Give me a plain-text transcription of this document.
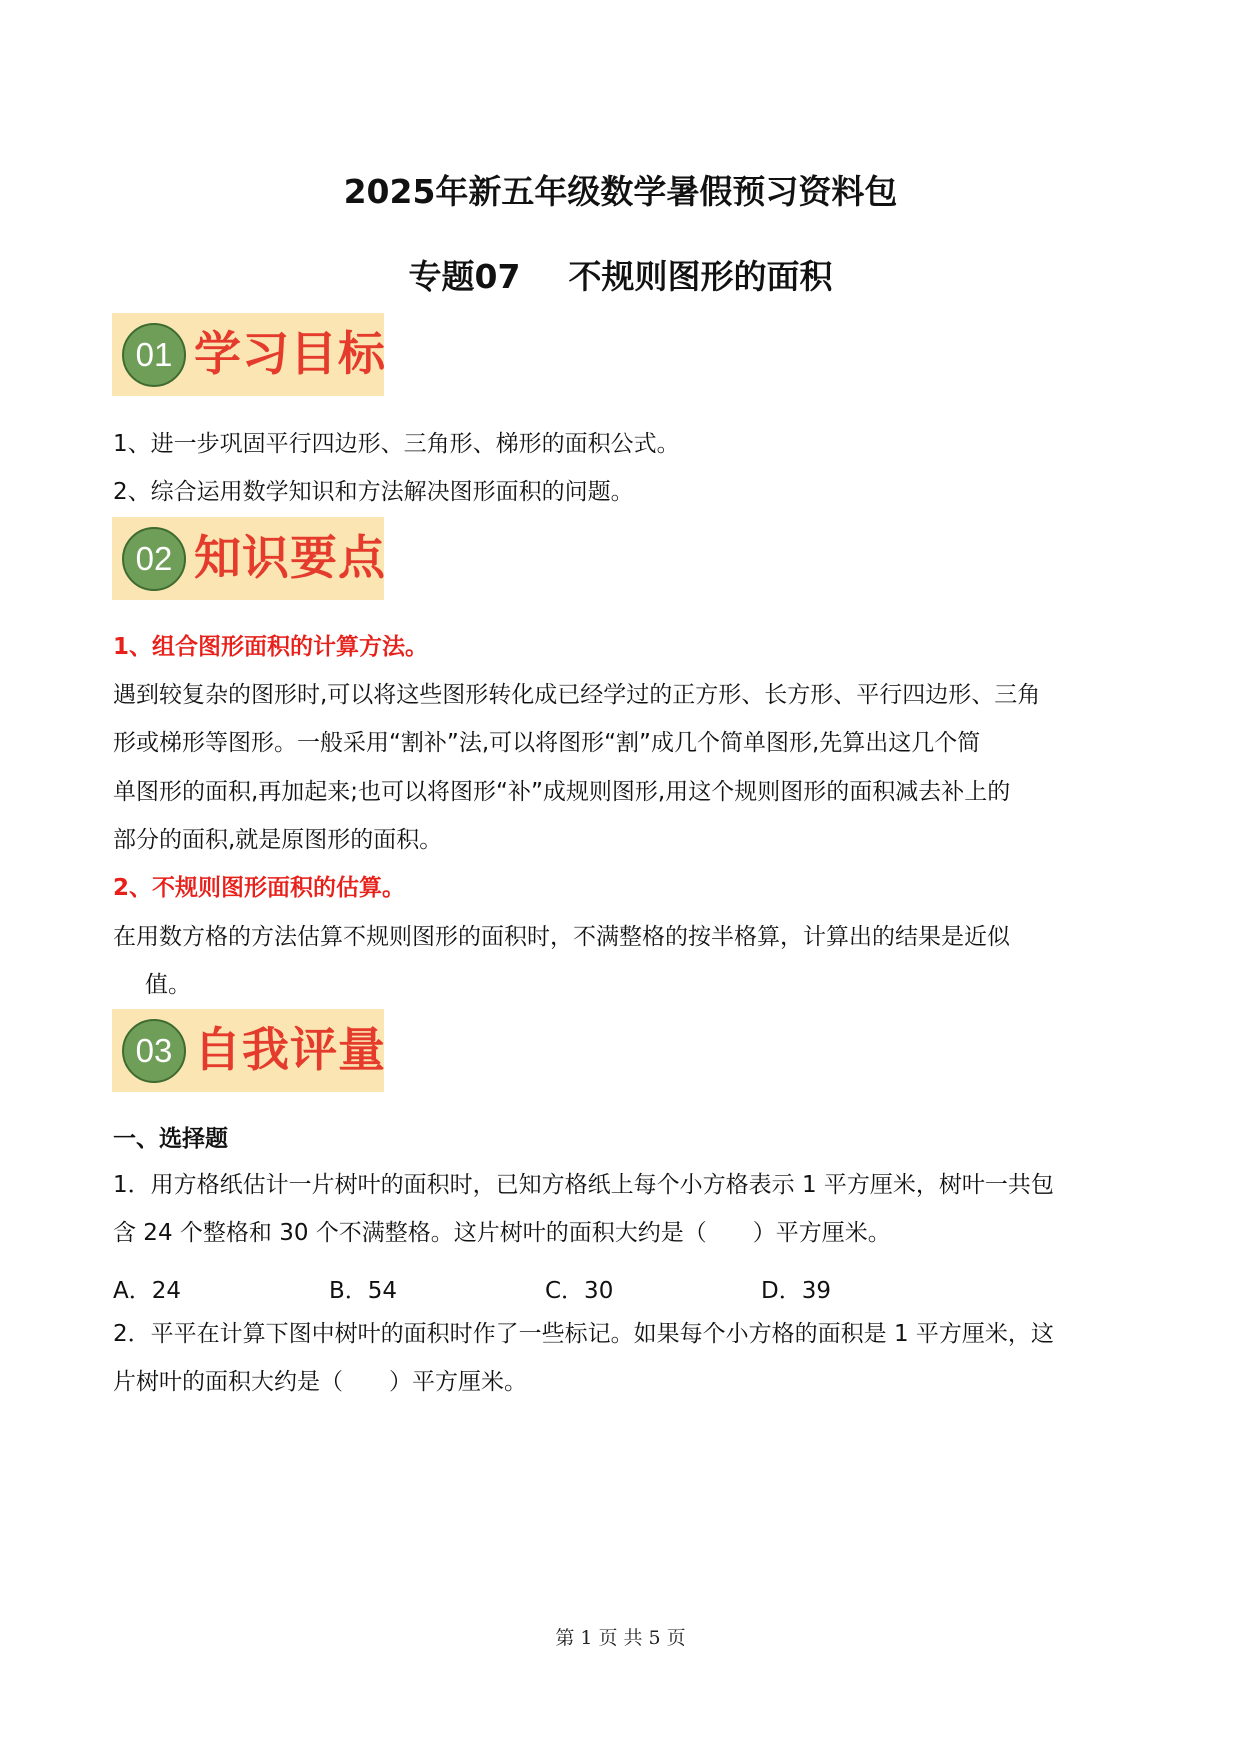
2025年新五年级数学暑假预习资料包
专题07 不规则图形的面积
01 学习目标
1、进一步巩固平行四边形、三角形、梯形的面积公式。
2、综合运用数学知识和方法解决图形面积的问题。
02 知识要点
1、组合图形面积的计算方法。
遇到较复杂的图形时,可以将这些图形转化成已经学过的正方形、长方形、平行四边形、三角
形或梯形等图形。一般采用“割补”法,可以将图形“割”成几个简单图形,先算出这几个简
单图形的面积,再加起来;也可以将图形“补”成规则图形,用这个规则图形的面积减去补上的
部分的面积,就是原图形的面积。
2、不规则图形面积的估算。
在用数方格的方法估算不规则图形的面积时，不满整格的按半格算，计算出的结果是近似
值。
03 自我评量
一、选择题
1．用方格纸估计一片树叶的面积时，已知方格纸上每个小方格表示 1 平方厘米，树叶一共包
含 24 个整格和 30 个不满整格。这片树叶的面积大约是（　　）平方厘米。
A．24	B．54	C．30	D．39
2．平平在计算下图中树叶的面积时作了一些标记。如果每个小方格的面积是 1 平方厘米，这
片树叶的面积大约是（　　）平方厘米。
第 1 页 共 5 页
